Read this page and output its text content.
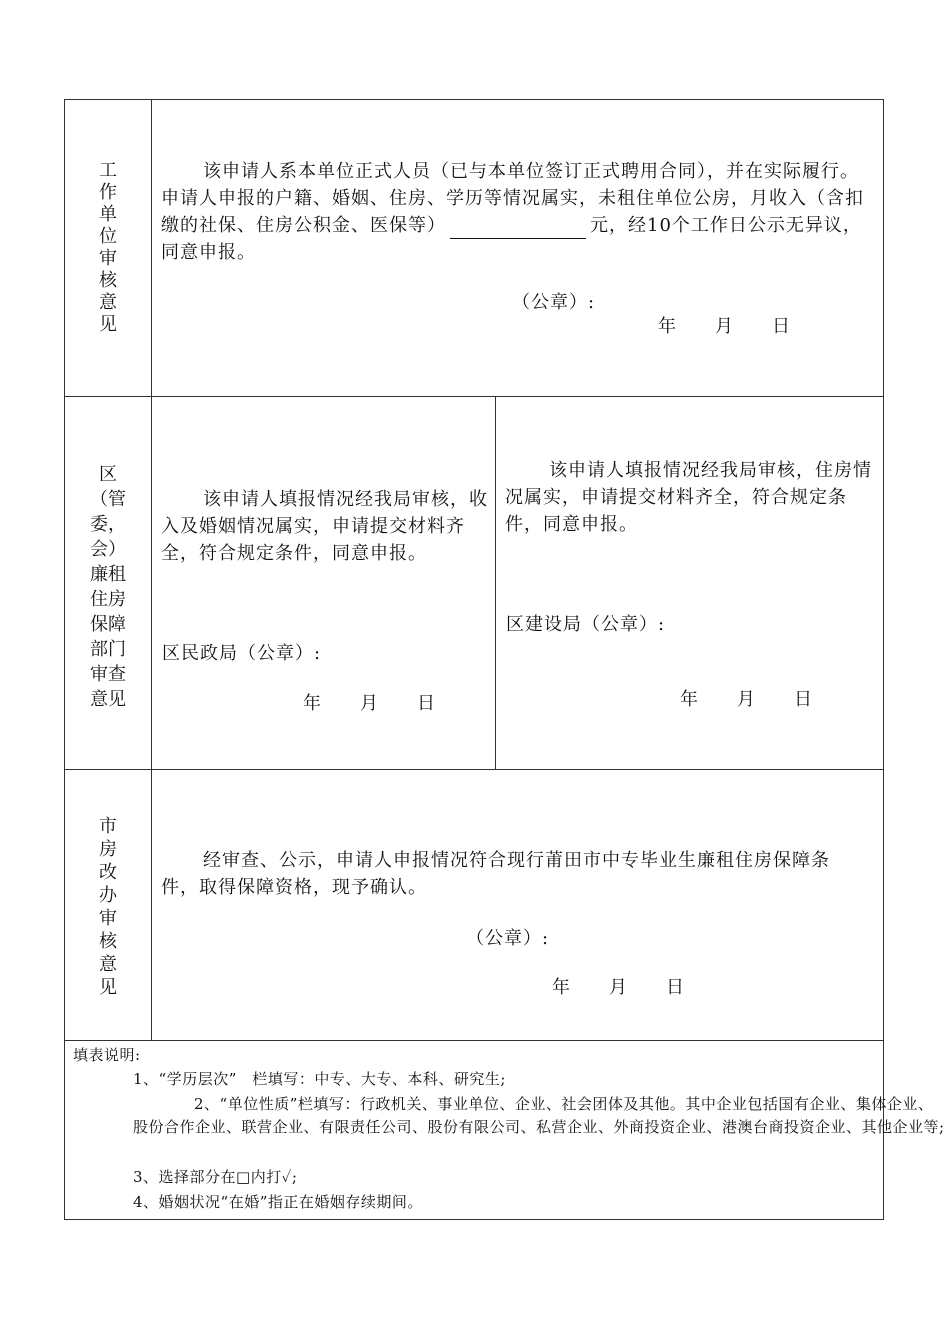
工
作
单
位
审
核
意
见
该申请人系本单位正式人员（已与本单位签订正式聘用合同），并在实际履行。申请人申报的户籍、婚姻、住房、学历等情况属实，未租住单位公房，月收入（含扣缴的社保、住房公积金、医保等）	元，经10个工作日公示无异议，同意申报。
（公章）:
年　　月　　日
区
（管
委，
会）
廉租
住房
保障
部门
审查
意见
该申请人填报情况经我局审核，收入及婚姻情况属实，申请提交材料齐全，符合规定条件，同意申报。
区民政局（公章）:
年　　月　　日
该申请人填报情况经我局审核，住房情况属实，申请提交材料齐全，符合规定条件，同意申报。
区建设局（公章）:
年　　月　　日
市
房
改
办
审
核
意
见
经审查、公示，申请人申报情况符合现行莆田市中专毕业生廉租住房保障条件，取得保障资格，现予确认。
（公章）:
年　　月　　日
填表说明:
1、“学历层次”　栏填写：中专、大专、本科、研究生;
2、“单位性质”栏填写：行政机关、事业单位、企业、社会团体及其他。其中企业包括国有企业、集体企业、股份合作企业、联营企业、有限责任公司、股份有限公司、私营企业、外商投资企业、港澳台商投资企业、其他企业等;
3、选择部分在□内打✓;
4、婚姻状况“在婚”指正在婚姻存续期间。
